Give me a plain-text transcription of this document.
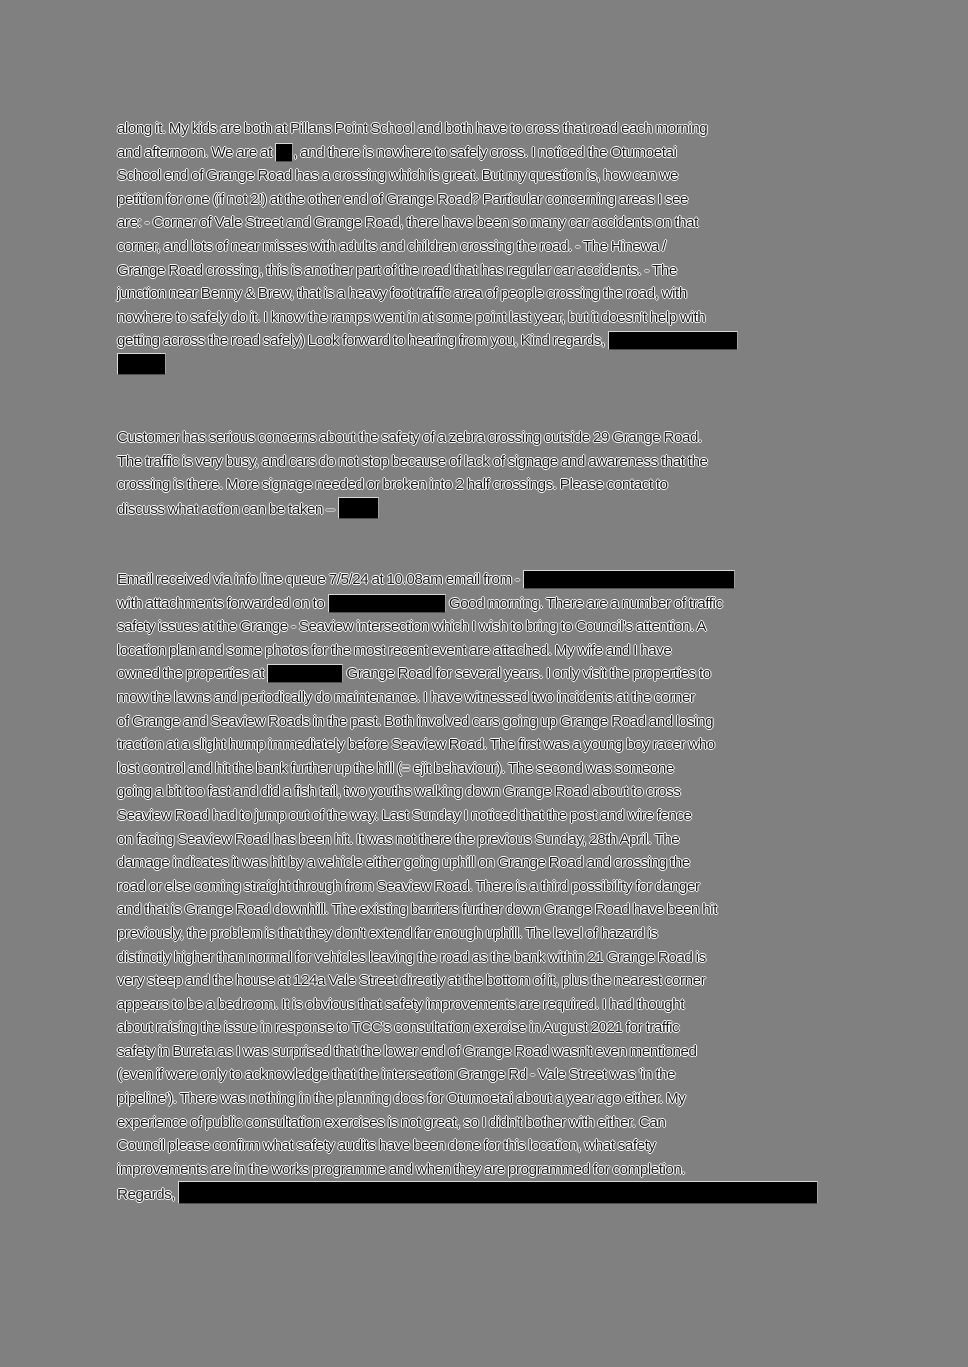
along it. My kids are both at Pillans Point School and both have to cross that road each morning
and afternoon. We are at , and there is nowhere to safely cross. I noticed the Otumoetai
School end of Grange Road has a crossing which is great. But my question is, how can we
petition for one (if not 2!) at the other end of Grange Road? Particular concerning areas I see
are: - Corner of Vale Street and Grange Road, there have been so many car accidents on that
corner, and lots of near misses with adults and children crossing the road. - The Hinewa /
Grange Road crossing, this is another part of the road that has regular car accidents. - The
junction near Benny & Brew, that is a heavy foot traffic area of people crossing the road, with
nowhere to safely do it. I know the ramps went in at some point last year, but it doesn't help with
getting across the road safely) Look forward to hearing from you, Kind regards,
Customer has serious concerns about the safety of a zebra crossing outside 29 Grange Road.
The traffic is very busy, and cars do not stop because of lack of signage and awareness that the
crossing is there. More signage needed or broken into 2 half crossings. Please contact to
discuss what action can be taken –
Email received via info line queue 7/5/24 at 10.08am email from -
with attachments forwarded on to	Good morning. There are a number of traffic
safety issues at the Grange - Seaview intersection which I wish to bring to Council's attention. A
location plan and some photos for the most recent event are attached. My wife and I have
owned the properties at	Grange Road for several years. I only visit the properties to
mow the lawns and periodically do maintenance. I have witnessed two incidents at the corner
of Grange and Seaview Roads in the past. Both involved cars going up Grange Road and losing
traction at a slight hump immediately before Seaview Road. The first was a young boy racer who
lost control and hit the bank further up the hill (= ejit behaviour). The second was someone
going a bit too fast and did a fish tail, two youths walking down Grange Road about to cross
Seaview Road had to jump out of the way. Last Sunday I noticed that the post and wire fence
on facing Seaview Road has been hit. It was not there the previous Sunday, 28th April. The
damage indicates it was hit by a vehicle either going uphill on Grange Road and crossing the
road or else coming straight through from Seaview Road. There is a third possibility for danger
and that is Grange Road downhill. The existing barriers further down Grange Road have been hit
previously, the problem is that they don't extend far enough uphill. The level of hazard is
distinctly higher than normal for vehicles leaving the road as the bank within 21 Grange Road is
very steep and the house at 124a Vale Street directly at the bottom of it, plus the nearest corner
appears to be a bedroom. It is obvious that safety improvements are required. I had thought
about raising the issue in response to TCC's consultation exercise in August 2021 for traffic
safety in Bureta as I was surprised that the lower end of Grange Road wasn't even mentioned
(even if were only to acknowledge that the intersection Grange Rd - Vale Street was 'in the
pipeline'). There was nothing in the planning docs for Otumoetai about a year ago either. My
experience of public consultation exercises is not great, so I didn't bother with either. Can
Council please confirm what safety audits have been done for this location, what safety
improvements are in the works programme and when they are programmed for completion.
Regards,
